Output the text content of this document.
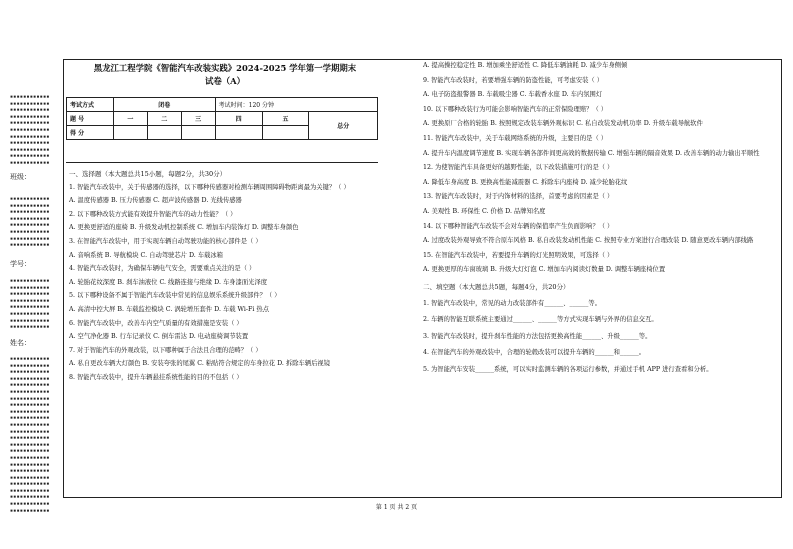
▪▪▪▪▪▪▪▪▪▪▪▪
▪▪▪▪▪▪▪▪▪▪▪▪
▪▪▪▪▪▪▪▪▪▪▪▪
▪▪▪▪▪▪▪▪▪▪▪▪
▪▪▪▪▪▪▪▪▪▪▪▪
▪▪▪▪▪▪▪▪▪▪▪▪
▪▪▪▪▪▪▪▪▪▪▪▪
▪▪▪▪▪▪▪▪▪▪▪▪
▪▪▪▪▪▪▪▪▪▪▪▪
▪▪▪▪▪▪▪▪▪▪▪▪
▪▪▪▪▪▪▪▪▪▪▪▪
班级：
▪▪▪▪▪▪▪▪▪▪▪▪
▪▪▪▪▪▪▪▪▪▪▪▪
▪▪▪▪▪▪▪▪▪▪▪▪
▪▪▪▪▪▪▪▪▪▪▪▪
▪▪▪▪▪▪▪▪▪▪▪▪
▪▪▪▪▪▪▪▪▪▪▪▪
▪▪▪▪▪▪▪▪▪▪▪▪
▪▪▪▪▪▪▪▪▪▪▪▪
学号：
▪▪▪▪▪▪▪▪▪▪▪▪
▪▪▪▪▪▪▪▪▪▪▪▪
▪▪▪▪▪▪▪▪▪▪▪▪
▪▪▪▪▪▪▪▪▪▪▪▪
▪▪▪▪▪▪▪▪▪▪▪▪
▪▪▪▪▪▪▪▪▪▪▪▪
▪▪▪▪▪▪▪▪▪▪▪▪
▪▪▪▪▪▪▪▪▪▪▪▪
姓名：
▪▪▪▪▪▪▪▪▪▪▪▪
▪▪▪▪▪▪▪▪▪▪▪▪
▪▪▪▪▪▪▪▪▪▪▪▪
▪▪▪▪▪▪▪▪▪▪▪▪
▪▪▪▪▪▪▪▪▪▪▪▪
▪▪▪▪▪▪▪▪▪▪▪▪
▪▪▪▪▪▪▪▪▪▪▪▪
▪▪▪▪▪▪▪▪▪▪▪▪
▪▪▪▪▪▪▪▪▪▪▪▪
▪▪▪▪▪▪▪▪▪▪▪▪
▪▪▪▪▪▪▪▪▪▪▪▪
▪▪▪▪▪▪▪▪▪▪▪▪
▪▪▪▪▪▪▪▪▪▪▪▪
▪▪▪▪▪▪▪▪▪▪▪▪
▪▪▪▪▪▪▪▪▪▪▪▪
▪▪▪▪▪▪▪▪▪▪▪▪
▪▪▪▪▪▪▪▪▪▪▪▪
▪▪▪▪▪▪▪▪▪▪▪▪
▪▪▪▪▪▪▪▪▪▪▪▪
▪▪▪▪▪▪▪▪▪▪▪▪
▪▪▪▪▪▪▪▪▪▪▪▪
▪▪▪▪▪▪▪▪▪▪▪▪
▪▪▪▪▪▪▪▪▪▪▪▪
▪▪▪▪▪▪▪▪▪▪▪▪
黑龙江工程学院《智能汽车改装实践》2024-2025 学年第一学期期末
试卷（A）
考试方式	闭卷			考试时间：120 分钟		
题 号	一	二	三	四	五	总分
得 分						

一、选择题（本大题总共15小题，每题2分，共30分）

1. 智能汽车改装中，关于传感器的选择，以下哪种传感器对检测车辆周围障碍物距离最为关键？（ ）

A. 温度传感器 B. 压力传感器 C. 超声波传感器 D. 光线传感器

2. 以下哪种改装方式能有效提升智能汽车的动力性能？（ ）

A. 更换更舒适的座椅 B. 升级发动机控制系统 C. 增加车内装饰灯 D. 调整车身颜色

3. 在智能汽车改装中，用于实现车辆自动驾驶功能的核心部件是（ ）

A. 音响系统 B. 导航模块 C. 自动驾驶芯片 D. 车载冰箱

4. 智能汽车改装时，为确保车辆电气安全，需要重点关注的是（ ）

A. 轮胎花纹深度 B. 刹车油液位 C. 线路连接与绝缘 D. 车身漆面光泽度

5. 以下哪种设备不属于智能汽车改装中常见的信息娱乐系统升级部件？（ ）

A. 高清中控大屏 B. 车载监控模块 C. 涡轮增压套件 D. 车载 Wi-Fi 热点

6. 智能汽车改装中，改善车内空气质量的有效措施是安装（ ）

A. 空气净化器 B. 行车记录仪 C. 倒车雷达 D. 电动座椅调节装置

7. 对于智能汽车的外观改装，以下哪种属于合法且合理的范畴？（ ）

A. 私自更改车辆大灯颜色 B. 安装夸张的尾翼 C. 粘贴符合规定的车身拉花 D. 拆除车辆后视镜

8. 智能汽车改装中，提升车辆悬挂系统性能的目的不包括（ ）

A. 提高操控稳定性 B. 增加乘坐舒适性 C. 降低车辆油耗 D. 减少车身侧倾

9. 智能汽车改装时，若要增强车辆的防盗性能，可考虑安装（ ）

A. 电子防盗报警器 B. 车载吸尘器 C. 车载香水座 D. 车内氛围灯

10. 以下哪种改装行为可能会影响智能汽车的正常保险理赔？（ ）

A. 更换原厂合格的轮胎 B. 按照规定改装车辆外观标识 C. 私自改装发动机功率 D. 升级车载导航软件

11. 智能汽车改装中，关于车载网络系统的升级，主要目的是（ ）

A. 提升车内温度调节速度 B. 实现车辆各部件间更高效的数据传输 C. 增强车辆的隔音效果 D. 改善车辆的动力输出平顺性

12. 为使智能汽车具备更好的越野性能，以下改装措施可行的是（ ）

A. 降低车身高度 B. 更换高性能减震器 C. 拆除车内座椅 D. 减少轮胎花纹

13. 智能汽车改装时，对于内饰材料的选择，首要考虑的因素是（ ）

A. 美观性 B. 环保性 C. 价格 D. 品牌知名度

14. 以下哪种智能汽车改装不会对车辆的保值率产生负面影响？（ ）

A. 过度改装外观导致不符合原车风格 B. 私自改装发动机性能 C. 按照专业方案进行合理改装 D. 随意更改车辆内部线路

15. 在智能汽车改装中，若要提升车辆的灯光照明效果，可选择（ ）

A. 更换更厚的车窗玻璃 B. 升级大灯灯泡 C. 增加车内阅读灯数量 D. 调整车辆座椅位置

二、填空题（本大题总共5题，每题4分，共20分）

1. 智能汽车改装中，常见的动力改装部件有______、______等。

2. 车辆的智能互联系统主要通过______、______等方式实现车辆与外界的信息交互。

3. 智能汽车改装时，提升刹车性能的方法包括更换高性能______、升级______等。

4. 在智能汽车的外观改装中，合理的轮毂改装可以提升车辆的______和______。

5. 为智能汽车安装______系统，可以实时监测车辆的各项运行参数，并通过手机 APP 进行查看和分析。

第 1 页 共 2 页
